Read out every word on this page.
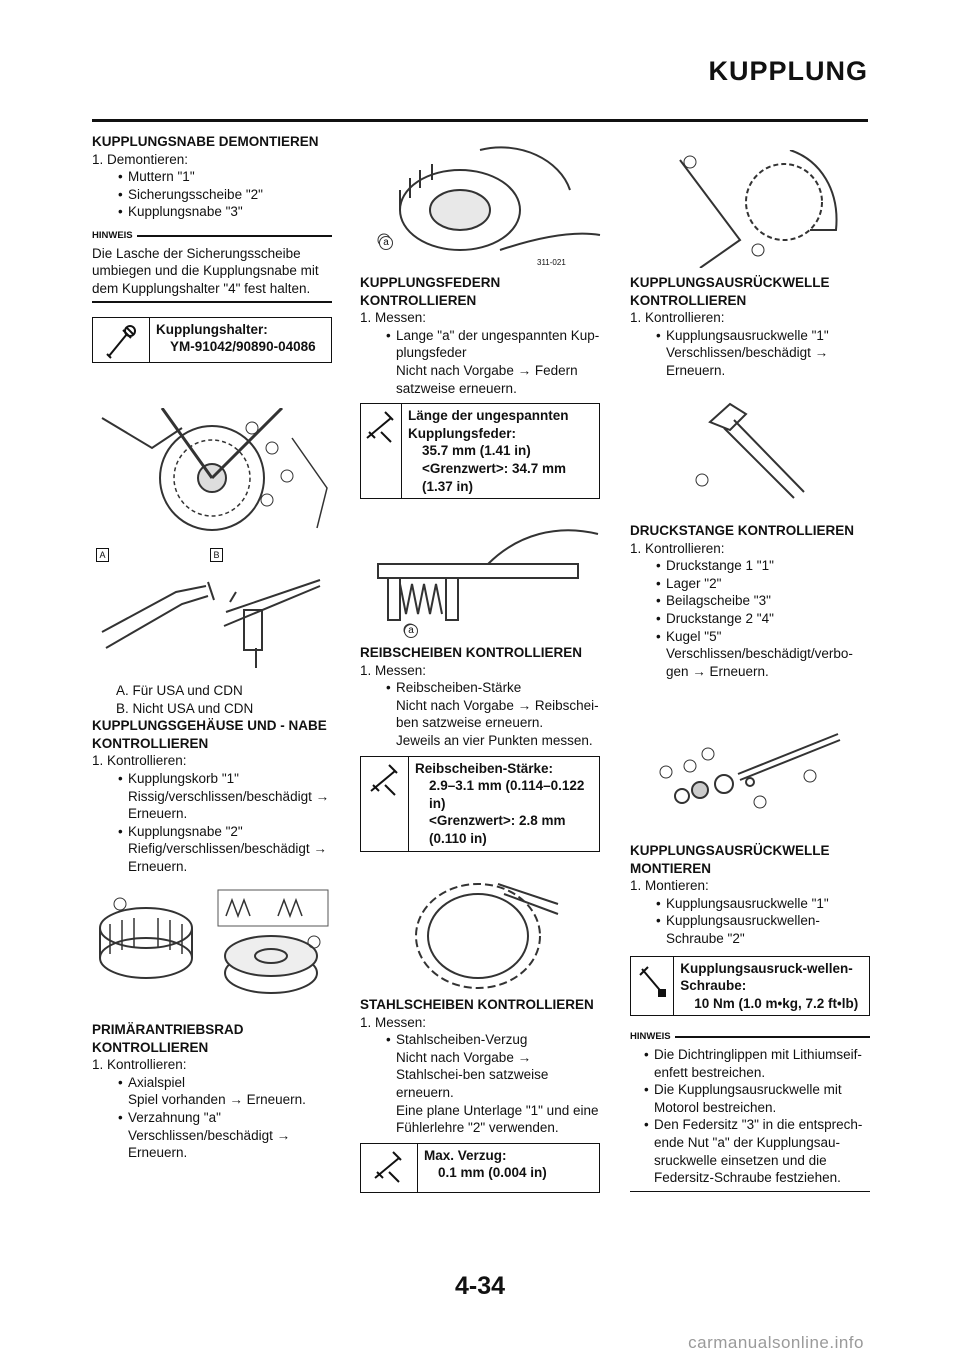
KUPPLUNG
KUPPLUNGSNABE DEMONTIEREN
1. Demontieren:
• Muttern "1"
• Sicherungsscheibe "2"
• Kupplungsnabe "3"
HINWEIS
Die Lasche der Sicherungsscheibe umbiegen und die Kupplungsnabe mit dem Kupplungshalter "4" fest halten.
Kupplungshalter:
YM-91042/90890-04086
A	B
A. Für USA und CDN
B. Nicht USA und CDN
KUPPLUNGSGEHÄUSE UND - NABE KONTROLLIEREN
1. Kontrollieren:
• Kupplungskorb "1"
Rissig/verschlissen/beschädigt →
Erneuern.
• Kupplungsnabe "2"
Riefig/verschlissen/beschädigt →
Erneuern.
PRIMÄRANTRIEBSRAD KONTROLLIEREN
1. Kontrollieren:
• Axialspiel
Spiel vorhanden → Erneuern.
• Verzahnung "a"
Verschlissen/beschädigt →
Erneuern.
311-021
a
KUPPLUNGSFEDERN KONTROLLIEREN
1. Messen:
• Lange "a" der ungespannten Kup-plungsfeder
Nicht nach Vorgabe → Federn satzweise erneuern.
Länge der ungespannten Kupplungsfeder:
35.7 mm (1.41 in)
<Grenzwert>: 34.7 mm (1.37 in)
a
REIBSCHEIBEN KONTROLLIEREN
1. Messen:
• Reibscheiben-Stärke
Nicht nach Vorgabe → Reibschei-ben satzweise erneuern.
Jeweils an vier Punkten messen.
Reibscheiben-Stärke:
2.9–3.1 mm (0.114–0.122 in)
<Grenzwert>: 2.8 mm (0.110 in)
STAHLSCHEIBEN KONTROLLIEREN
1. Messen:
• Stahlscheiben-Verzug
Nicht nach Vorgabe → Stahlschei-ben satzweise erneuern.
Eine plane Unterlage "1" und eine Fühlerlehre "2" verwenden.
Max. Verzug:
0.1 mm (0.004 in)
KUPPLUNGSAUSRÜCKWELLE KONTROLLIEREN
1. Kontrollieren:
• Kupplungsausruckwelle "1"
Verschlissen/beschädigt →
Erneuern.
DRUCKSTANGE KONTROLLIEREN
1. Kontrollieren:
• Druckstange 1 "1"
• Lager "2"
• Beilagscheibe "3"
• Druckstange 2 "4"
• Kugel "5"
Verschlissen/beschädigt/verbo-gen → Erneuern.
KUPPLUNGSAUSRÜCKWELLE MONTIEREN
1. Montieren:
• Kupplungsausruckwelle "1"
• Kupplungsausruckwellen-Schraube "2"
Kupplungsausruck-wellen- Schraube:
10 Nm (1.0 m•kg, 7.2 ft•lb)
HINWEIS
• Die Dichtringlippen mit Lithiumseif-enfett bestreichen.
• Die Kupplungsausruckwelle mit Motorol bestreichen.
• Den Federsitz "3" in die entsprech-ende Nut "a" der Kupplungsau-sruckwelle einsetzen und die Federsitz-Schraube festziehen.
4-34
carmanualsonline.info
